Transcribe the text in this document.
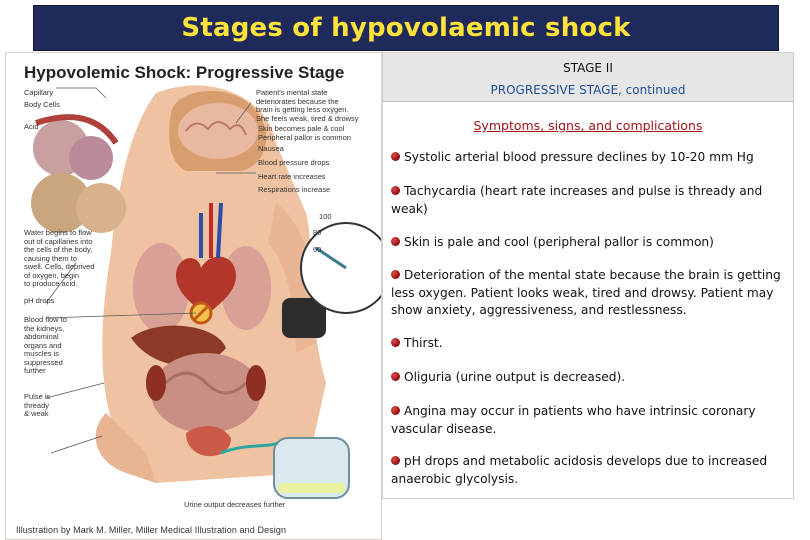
Stages of hypovolaemic shock
Hypovolemic Shock: Progressive Stage
Capillary
Body Cells
Acid
Water begins to flow
out of capillaries into
the cells of the body,
causing them to
swell. Cells, deprived
of oxygen, begin
to produce acid.
pH drops
Blood flow to
the kidneys,
abdominal
organs and
muscles is
suppressed
further
Pulse is
thready
& weak
Patient's mental state
deteriorates because the
brain is getting less oxygen.
She feels weak, tired & drowsy
Skin becomes pale & cool
Peripheral pallor is common
Nausea
Blood pressure drops
Heart rate increases
Respirations increase
100
80
60
Urine output decreases further
Illustration by Mark M. Miller, Miller Medical Illustration and Design
STAGE II
PROGRESSIVE STAGE, continued
Symptoms, signs, and complications
Systolic arterial blood pressure declines by 10-20 mm Hg
Tachycardia (heart rate increases and pulse is thready and weak)
Skin is pale and cool (peripheral pallor is common)
Deterioration of the mental state because the brain is getting less oxygen. Patient looks weak, tired and drowsy. Patient may show anxiety, aggressiveness, and restlessness.
Thirst.
Oliguria (urine output is decreased).
Angina may occur in patients who have intrinsic coronary vascular disease.
pH drops and metabolic acidosis develops due to increased anaerobic glycolysis.
